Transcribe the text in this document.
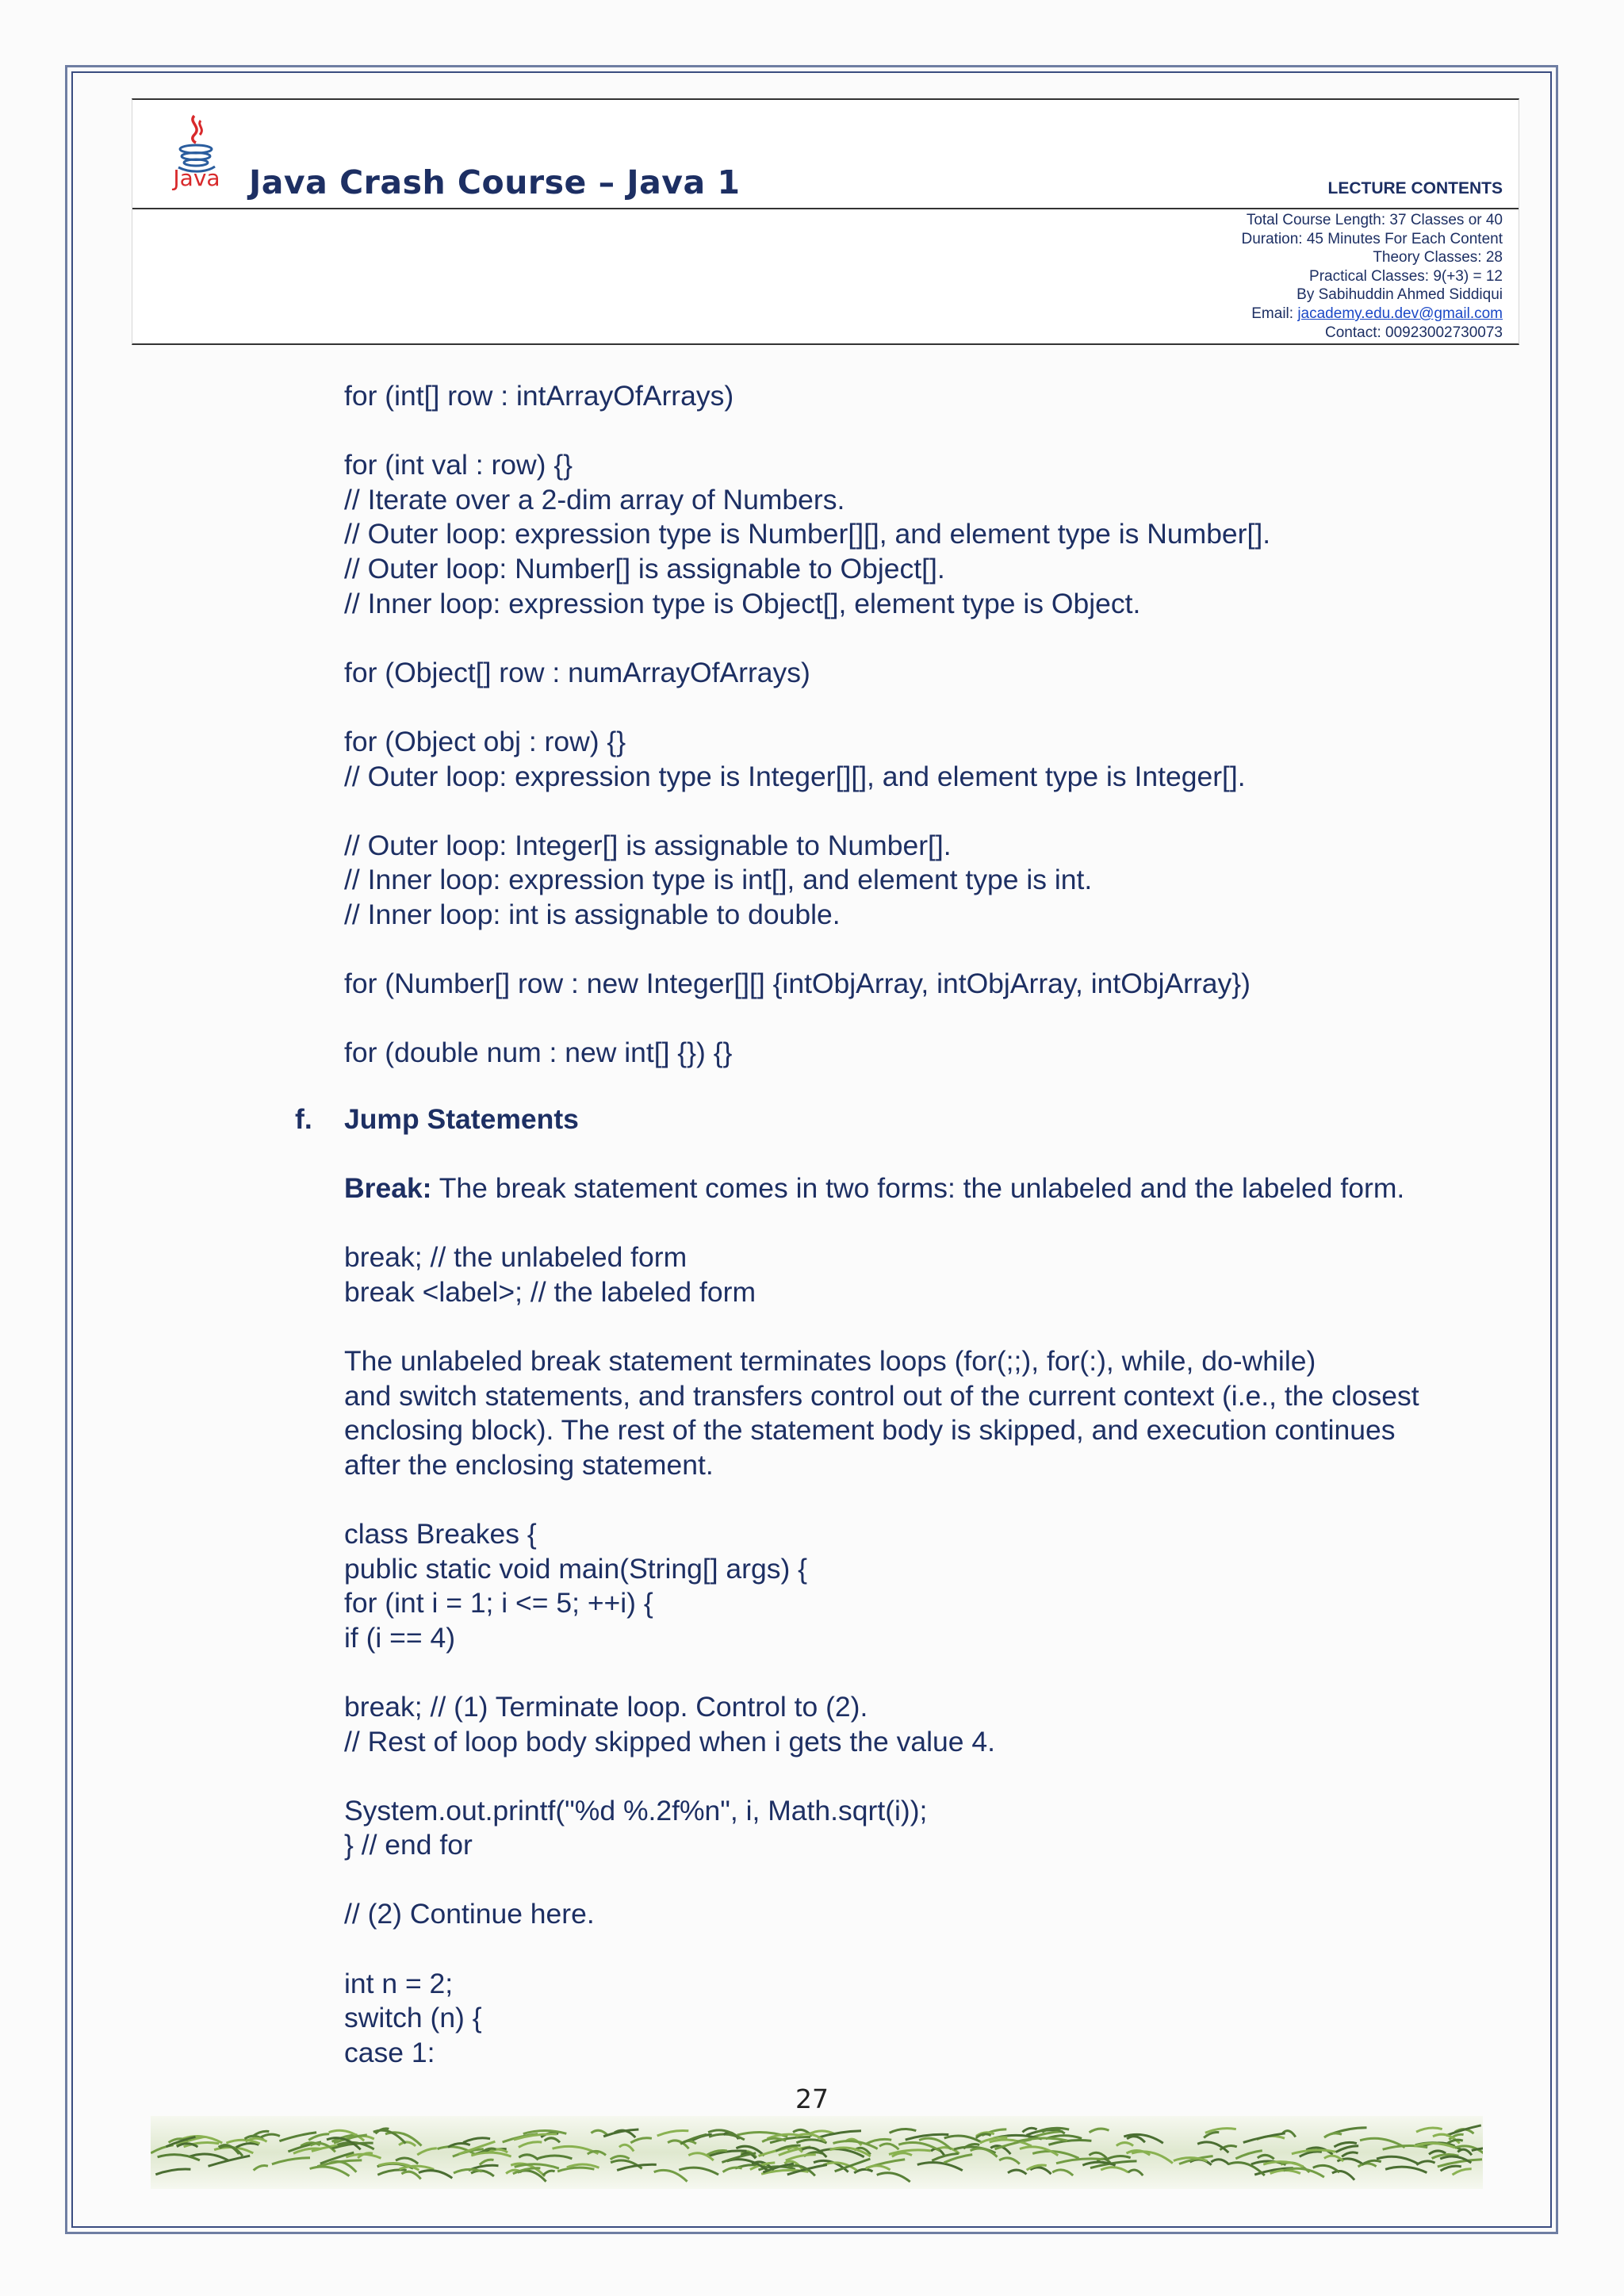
Java Java Crash Course – Java 1	LECTURE CONTENTS
Total Course Length: 37 Classes or 40
Duration: 45 Minutes For Each Content
Theory Classes: 28
Practical Classes: 9(+3) = 12
By Sabihuddin Ahmed Siddiqui
Email: jacademy.edu.dev@gmail.com
Contact: 00923002730073
for (int[] row : intArrayOfArrays)
for (int val : row) {}
// Iterate over a 2-dim array of Numbers.
// Outer loop: expression type is Number[][], and element type is Number[].
// Outer loop: Number[] is assignable to Object[].
// Inner loop: expression type is Object[], element type is Object.
for (Object[] row : numArrayOfArrays)
for (Object obj : row) {}
// Outer loop: expression type is Integer[][], and element type is Integer[].
// Outer loop: Integer[] is assignable to Number[].
// Inner loop: expression type is int[], and element type is int.
// Inner loop: int is assignable to double.
for (Number[] row : new Integer[][] {intObjArray, intObjArray, intObjArray})
for (double num : new int[] {}) {}
f. Jump Statements
Break: The break statement comes in two forms: the unlabeled and the labeled form.
break; // the unlabeled form
break <label>; // the labeled form
The unlabeled break statement terminates loops (for(;;), for(:), while, do-while)
and switch statements, and transfers control out of the current context (i.e., the closest
enclosing block). The rest of the statement body is skipped, and execution continues
after the enclosing statement.
class Breakes {
public static void main(String[] args) {
for (int i = 1; i <= 5; ++i) {
if (i == 4)
break; // (1) Terminate loop. Control to (2).
// Rest of loop body skipped when i gets the value 4.
System.out.printf("%d %.2f%n", i, Math.sqrt(i));
} // end for
// (2) Continue here.
int n = 2;
switch (n) {
case 1:
27
